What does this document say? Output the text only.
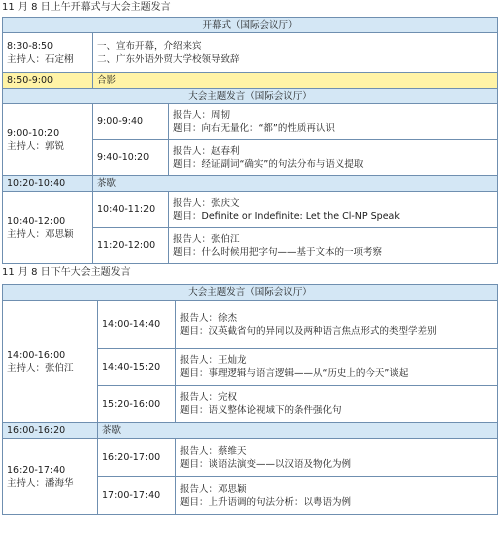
11 月 8 日上午开幕式与大会主题发言
开幕式（国际会议厅）		

8:30-8:50
主持人：石定栩	一、宣布开幕，介绍来宾
二、广东外语外贸大学校领导致辞	

8:50-9:00	合影	
大会主题发言（国际会议厅）		

9:00-10:20
主持人：郭锐	9:00-9:40	报告人：周韧
题目：向右无量化：“都”的性质再认识

	9:40-10:20	报告人：赵春利
题目：经证副词“确实”的句法分布与语义提取

10:20-10:40	茶歇	

10:40-12:00
主持人：邓思颖	10:40-11:20	报告人：张庆文
题目：Definite or Indefinite: Let the Cl-NP Speak

	11:20-12:00	报告人：张伯江
题目：什么时候用把字句——基于文本的一项考察
11 月 8 日下午大会主题发言
大会主题发言（国际会议厅）		

14:00-16:00
主持人：张伯江	14:00-14:40	报告人：徐杰
题目：汉英截省句的异同以及两种语言焦点形式的类型学差别

	14:40-15:20	报告人：王灿龙
题目：事理逻辑与语言逻辑——从“历史上的今天”谈起

	15:20-16:00	报告人：完权
题目：语义整体论视域下的条件强化句

16:00-16:20	茶歇	

16:20-17:40
主持人：潘海华	16:20-17:00	报告人：蔡维天
题目：谈语法演变——以汉语及物化为例

	17:00-17:40	报告人：邓思颖
题目：上升语调的句法分析：以粤语为例
